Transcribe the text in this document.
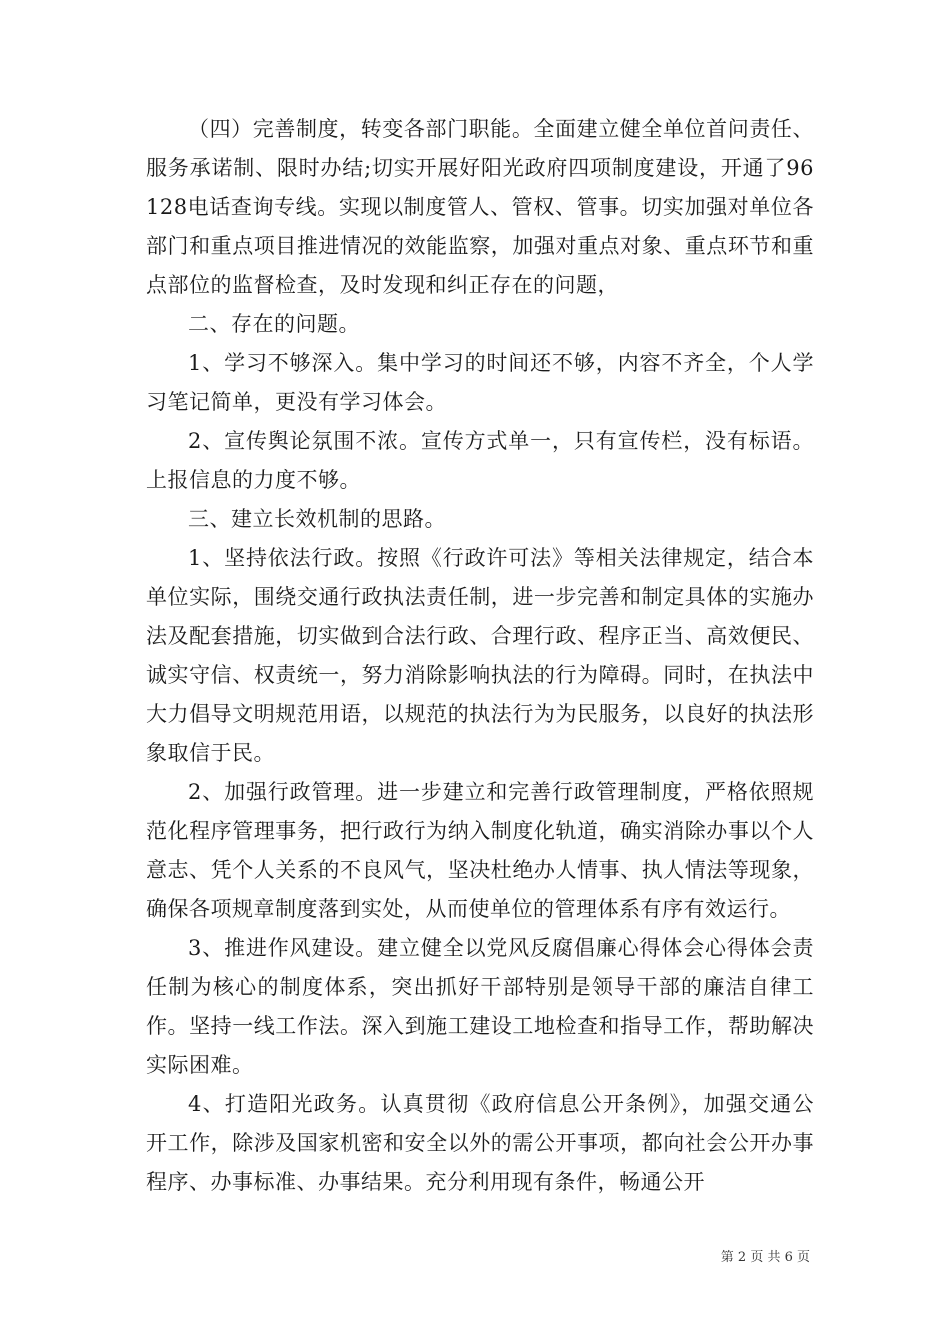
（四）完善制度，转变各部门职能。全面建立健全单位首问责任、服务承诺制、限时办结;切实开展好阳光政府四项制度建设，开通了96128电话查询专线。实现以制度管人、管权、管事。切实加强对单位各部门和重点项目推进情况的效能监察，加强对重点对象、重点环节和重点部位的监督检查，及时发现和纠正存在的问题，

二、存在的问题。

1、学习不够深入。集中学习的时间还不够，内容不齐全，个人学习笔记简单，更没有学习体会。

2、宣传舆论氛围不浓。宣传方式单一，只有宣传栏，没有标语。上报信息的力度不够。

三、建立长效机制的思路。

1、坚持依法行政。按照《行政许可法》等相关法律规定，结合本单位实际，围绕交通行政执法责任制，进一步完善和制定具体的实施办法及配套措施，切实做到合法行政、合理行政、程序正当、高效便民、诚实守信、权责统一，努力消除影响执法的行为障碍。同时，在执法中大力倡导文明规范用语，以规范的执法行为为民服务，以良好的执法形象取信于民。

2、加强行政管理。进一步建立和完善行政管理制度，严格依照规范化程序管理事务，把行政行为纳入制度化轨道，确实消除办事以个人意志、凭个人关系的不良风气，坚决杜绝办人情事、执人情法等现象，确保各项规章制度落到实处，从而使单位的管理体系有序有效运行。

3、推进作风建设。建立健全以党风反腐倡廉心得体会心得体会责任制为核心的制度体系，突出抓好干部特别是领导干部的廉洁自律工作。坚持一线工作法。深入到施工建设工地检查和指导工作，帮助解决实际困难。

4、打造阳光政务。认真贯彻《政府信息公开条例》，加强交通公开工作，除涉及国家机密和安全以外的需公开事项，都向社会公开办事程序、办事标准、办事结果。充分利用现有条件，畅通公开

第 2 页 共 6 页
